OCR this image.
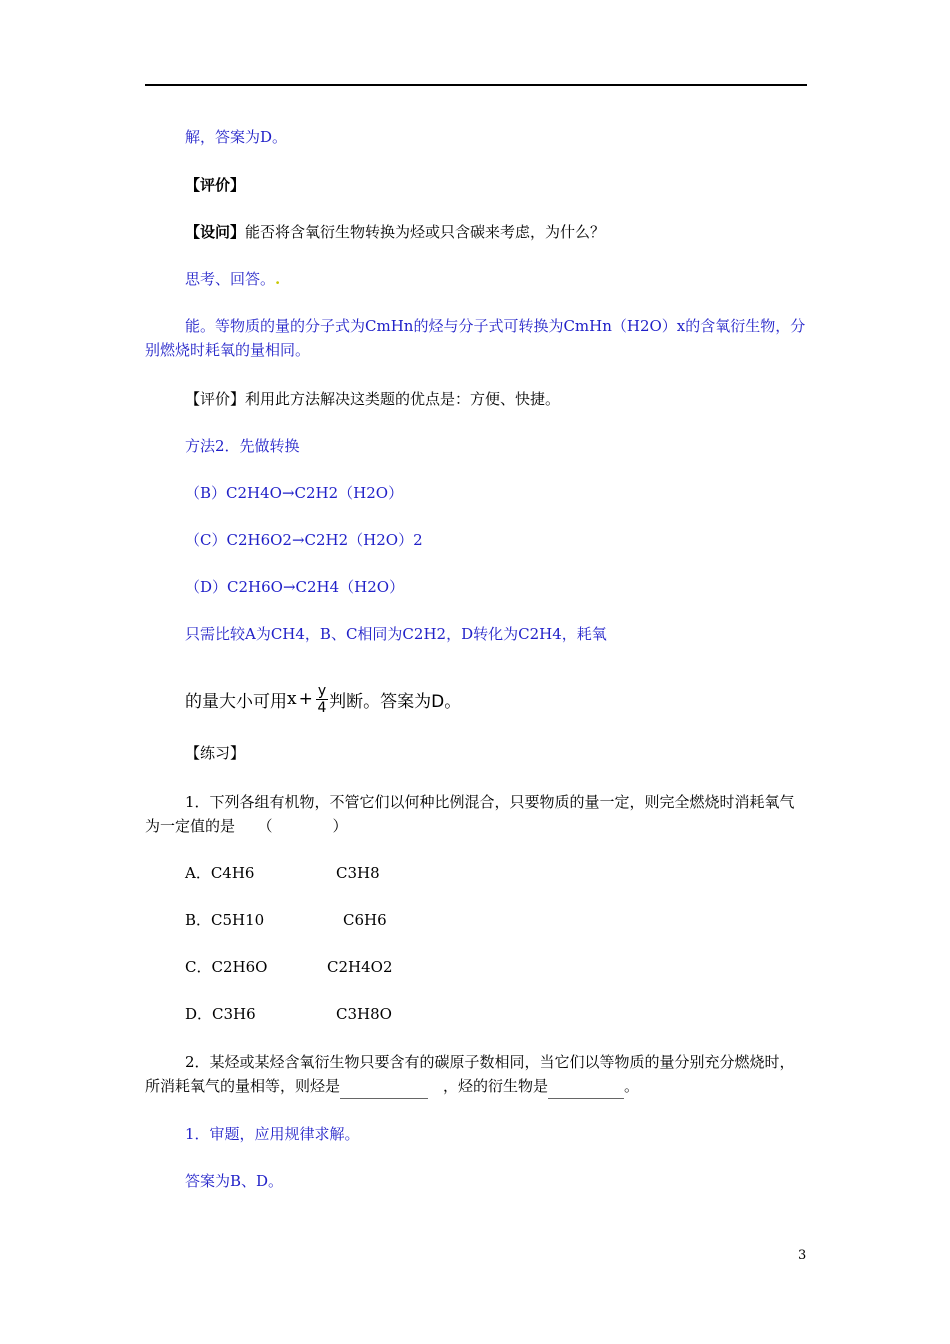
解，答案为D。
【评价】
【设问】能否将含氧衍生物转换为烃或只含碳来考虑，为什么？
思考、回答。.
能。等物质的量的分子式为CmHn的烃与分子式可转换为CmHn（H2O）x的含氧衍生物，分别燃烧时耗氧的量相同。
【评价】利用此方法解决这类题的优点是：方便、快捷。
方法2．先做转换
（B）C2H4O→C2H2（H2O）
（C）C2H6O2→C2H2（H2O）2
（D）C2H6O→C2H4（H2O）
只需比较A为CH4，B、C相同为C2H2，D转化为C2H4，耗氧
的量大小可用 $x + \frac{y}{4}$ 判断。答案为D。
【练习】
1．下列各组有机物，不管它们以何种比例混合，只要物质的量一定，则完全燃烧时消耗氧气为一定值的是　　 （　　　　）
A．C4H6	C3H8
B．C5H10	C6H6
C．C2H6O	C2H4O2
D．C3H6	C3H8O
2．某烃或某烃含氧衍生物只要含有的碳原子数相同，当它们以等物质的量分别充分燃烧时，所消耗氧气的量相等，则烃是　	，烃的衍生物是	。
1．审题，应用规律求解。
答案为B、D。
3
